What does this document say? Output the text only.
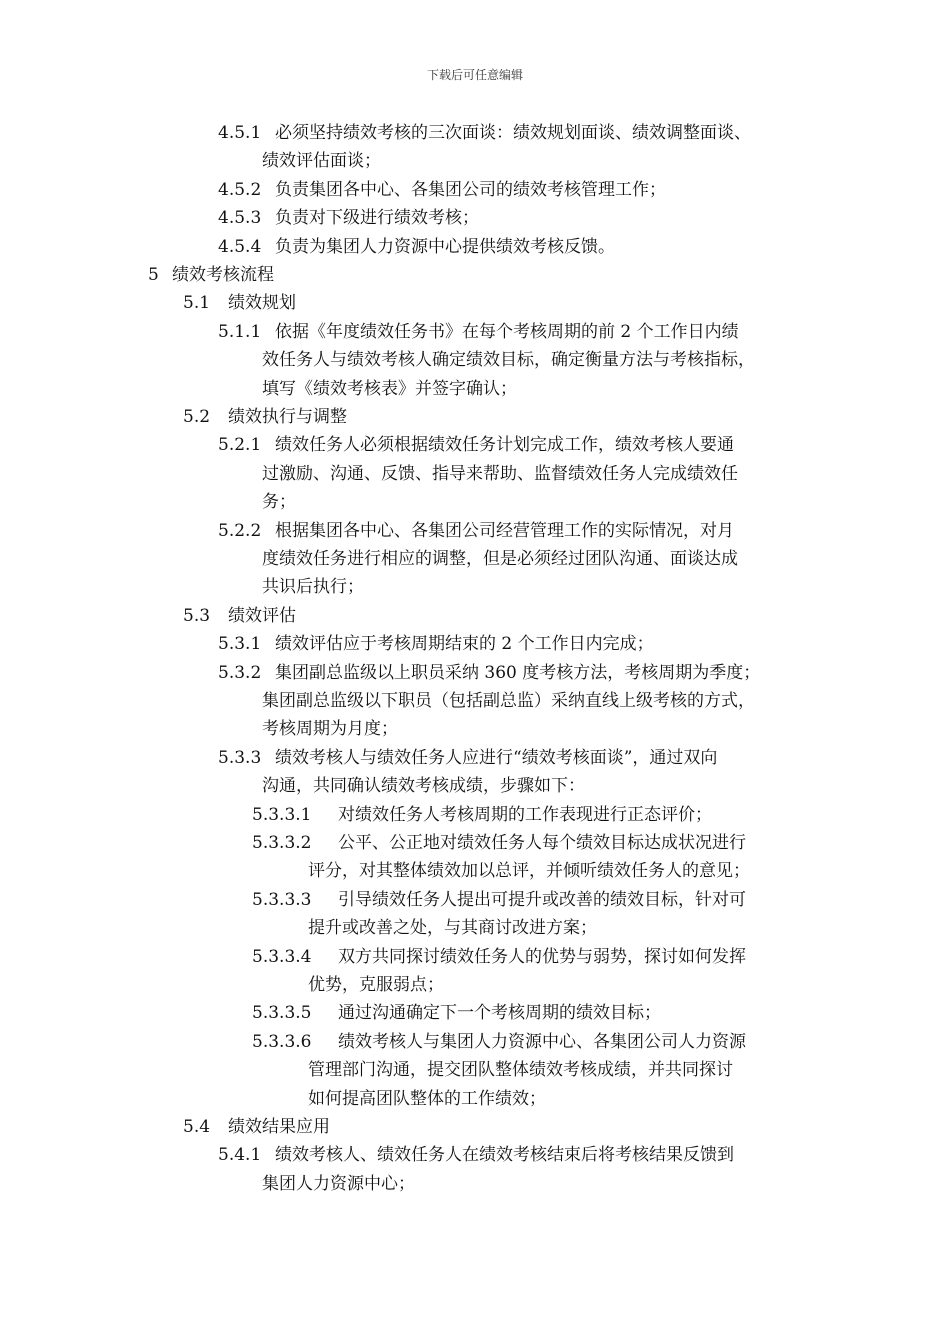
下载后可任意编辑
4.5.1 必须坚持绩效考核的三次面谈：绩效规划面谈、绩效调整面谈、
绩效评估面谈；
4.5.2 负责集团各中心、各集团公司的绩效考核管理工作；
4.5.3 负责对下级进行绩效考核；
4.5.4 负责为集团人力资源中心提供绩效考核反馈。
5 绩效考核流程
5.1 绩效规划
5.1.1 依据《年度绩效任务书》在每个考核周期的前 2 个工作日内绩
效任务人与绩效考核人确定绩效目标，确定衡量方法与考核指标，
填写《绩效考核表》并签字确认；
5.2 绩效执行与调整
5.2.1 绩效任务人必须根据绩效任务计划完成工作，绩效考核人要通
过激励、沟通、反馈、指导来帮助、监督绩效任务人完成绩效任
务；
5.2.2 根据集团各中心、各集团公司经营管理工作的实际情况，对月
度绩效任务进行相应的调整，但是必须经过团队沟通、面谈达成
共识后执行；
5.3 绩效评估
5.3.1 绩效评估应于考核周期结束的 2 个工作日内完成；
5.3.2 集团副总监级以上职员采纳 360 度考核方法，考核周期为季度；
集团副总监级以下职员（包括副总监）采纳直线上级考核的方式，
考核周期为月度；
5.3.3 绩效考核人与绩效任务人应进行“绩效考核面谈”，通过双向
沟通，共同确认绩效考核成绩，步骤如下：
5.3.3.1 对绩效任务人考核周期的工作表现进行正态评价；
5.3.3.2 公平、公正地对绩效任务人每个绩效目标达成状况进行
评分，对其整体绩效加以总评，并倾听绩效任务人的意见；
5.3.3.3 引导绩效任务人提出可提升或改善的绩效目标，针对可
提升或改善之处，与其商讨改进方案；
5.3.3.4 双方共同探讨绩效任务人的优势与弱势，探讨如何发挥
优势，克服弱点；
5.3.3.5 通过沟通确定下一个考核周期的绩效目标；
5.3.3.6 绩效考核人与集团人力资源中心、各集团公司人力资源
管理部门沟通，提交团队整体绩效考核成绩，并共同探讨
如何提高团队整体的工作绩效；
5.4 绩效结果应用
5.4.1 绩效考核人、绩效任务人在绩效考核结束后将考核结果反馈到
集团人力资源中心；
